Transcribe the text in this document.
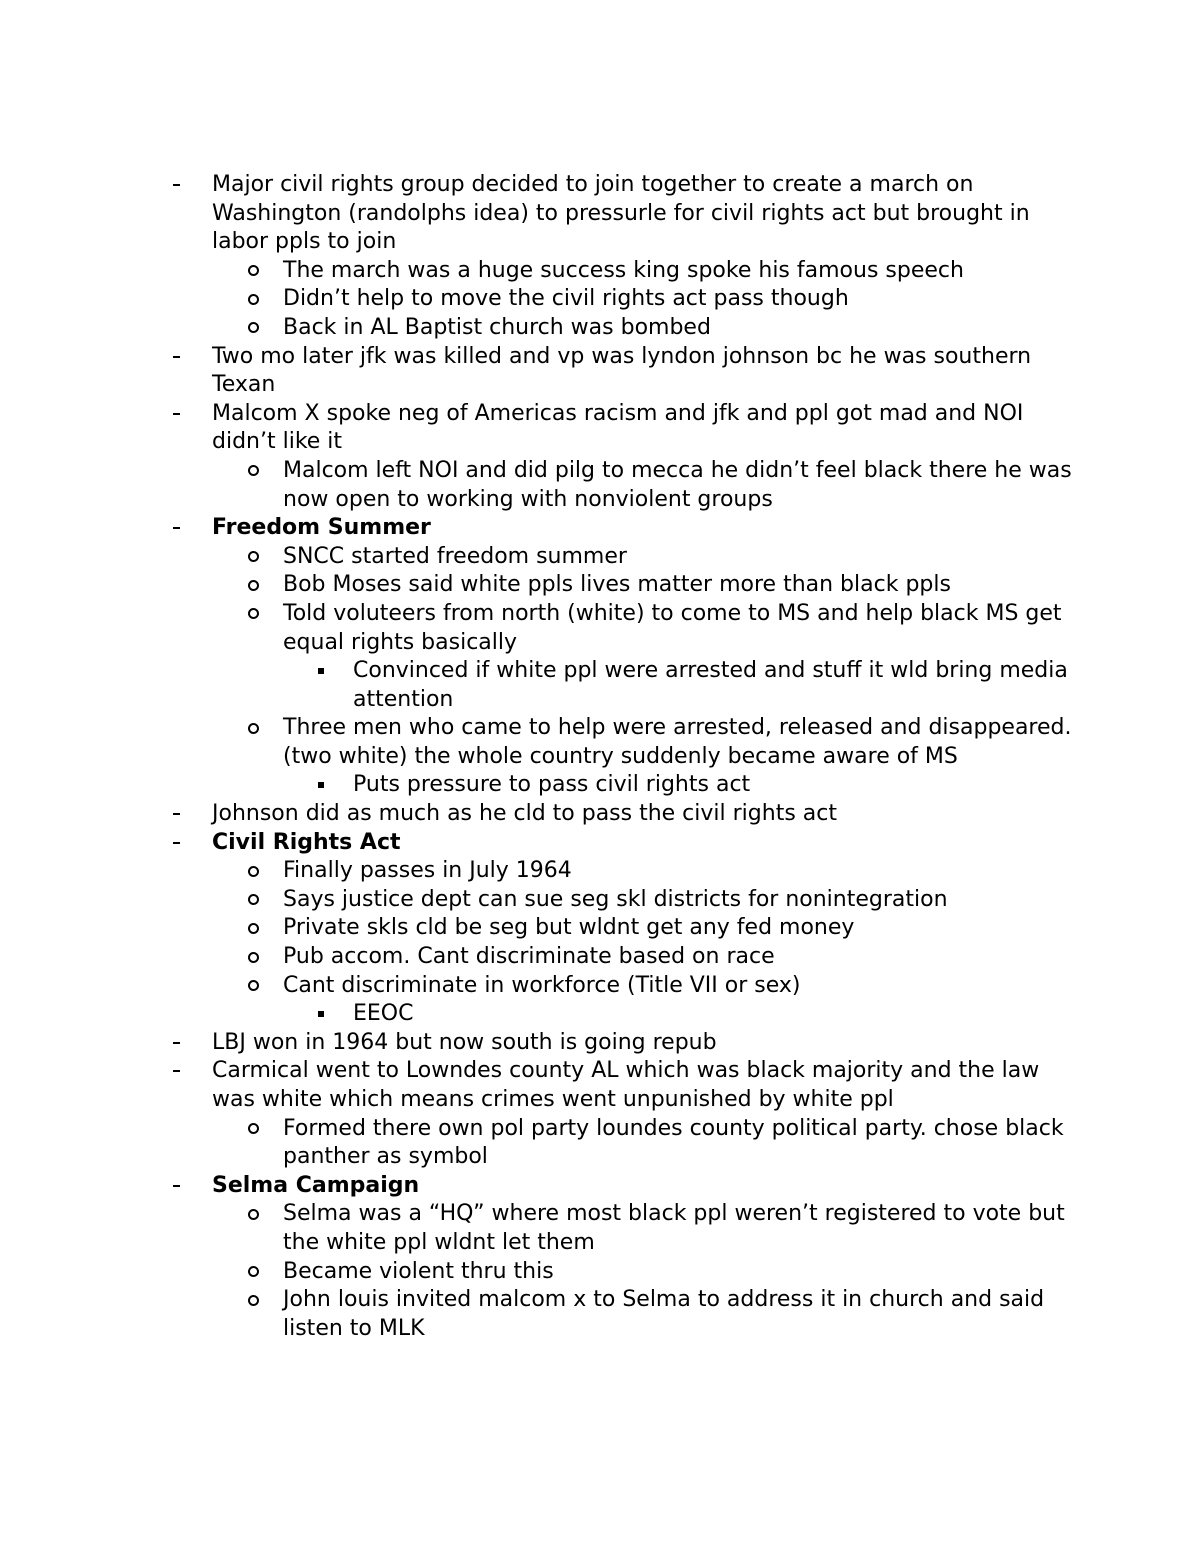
Major civil rights group decided to join together to create a march on Washington (randolphs idea) to pressurle for civil rights act but brought in labor ppls to join
The march was a huge success king spoke his famous speech
Didn’t help to move the civil rights act pass though
Back in AL Baptist church was bombed
Two mo later jfk was killed and vp was lyndon johnson bc he was southern Texan
Malcom X spoke neg of Americas racism and jfk and ppl got mad and NOI didn’t like it
Malcom left NOI and did pilg to mecca he didn’t feel black there he was now open to working with nonviolent groups
Freedom Summer
SNCC started freedom summer
Bob Moses said white ppls lives matter more than black ppls
Told voluteers from north (white) to come to MS and help black MS get equal rights basically
Convinced if white ppl were arrested and stuff it wld bring media attention
Three men who came to help were arrested, released and disappeared. (two white) the whole country suddenly became aware of MS
Puts pressure to pass civil rights act
Johnson did as much as he cld to pass the civil rights act
Civil Rights Act
Finally passes in July 1964
Says justice dept can sue seg skl districts for nonintegration
Private skls cld be seg but wldnt get any fed money
Pub accom. Cant discriminate based on race
Cant discriminate in workforce (Title VII or sex)
EEOC
LBJ won in 1964 but now south is going repub
Carmical went to Lowndes county AL which was black majority and the law was white which means crimes went unpunished by white ppl
Formed there own pol party loundes county political party. chose black panther as symbol
Selma Campaign
Selma was a “HQ” where most black ppl weren’t registered to vote but the white ppl wldnt let them
Became violent thru this
John louis invited malcom x to Selma to address it in church and said listen to MLK
